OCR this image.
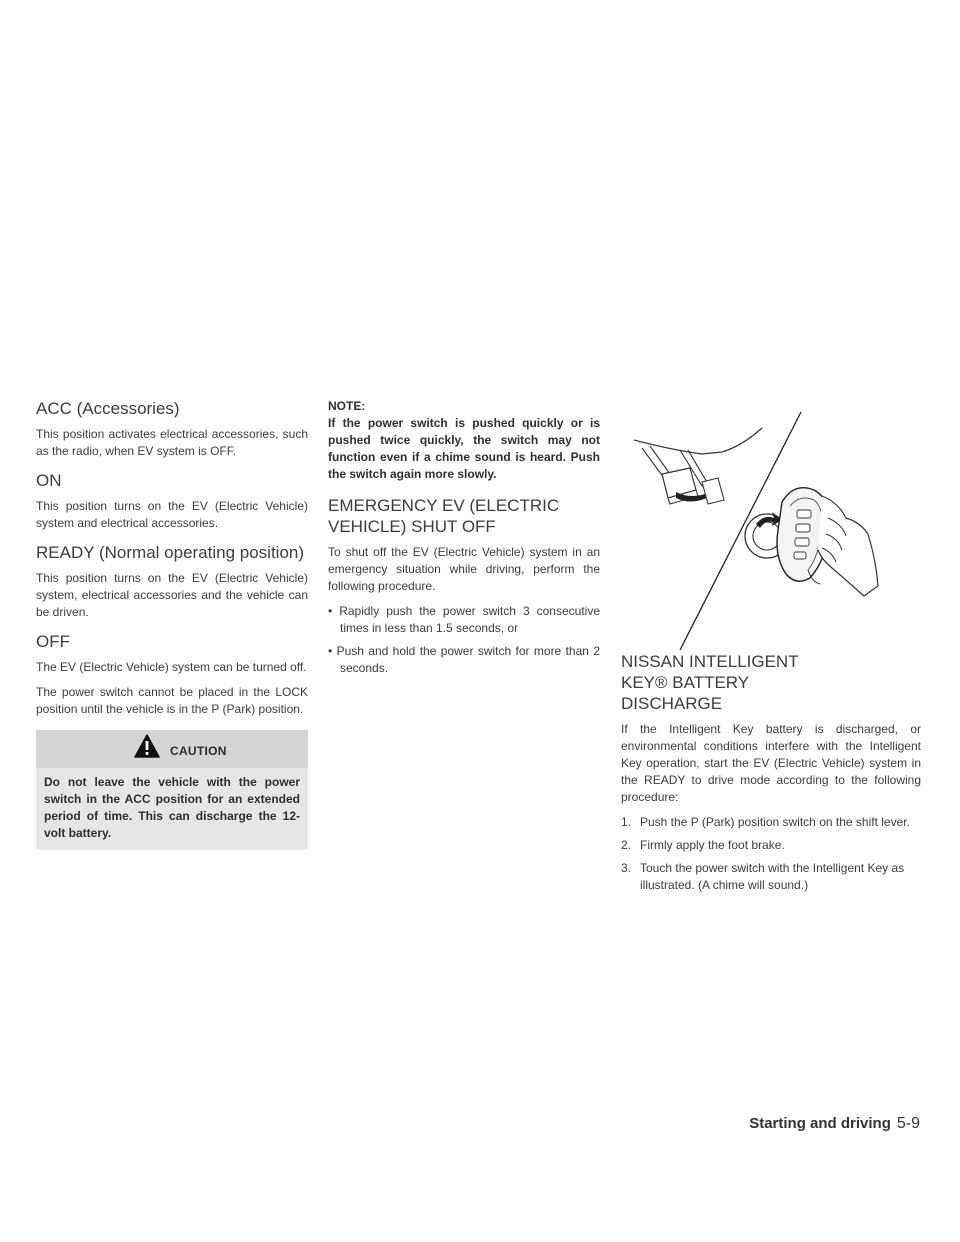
ACC (Accessories)

This position activates electrical accessories, such as the radio, when EV system is OFF.

ON

This position turns on the EV (Electric Vehicle) system and electrical accessories.

READY (Normal operating position)

This position turns on the EV (Electric Vehicle) system, electrical accessories and the vehicle can be driven.

OFF

The EV (Electric Vehicle) system can be turned off.

The power switch cannot be placed in the LOCK position until the vehicle is in the P (Park) position.

CAUTION
Do not leave the vehicle with the power switch in the ACC position for an extended period of time. This can discharge the 12-volt battery.
NOTE:
If the power switch is pushed quickly or is pushed twice quickly, the switch may not function even if a chime sound is heard. Push the switch again more slowly.
EMERGENCY EV (ELECTRIC VEHICLE) SHUT OFF

To shut off the EV (Electric Vehicle) system in an emergency situation while driving, perform the following procedure.

• Rapidly push the power switch 3 consecutive times in less than 1.5 seconds, or
• Push and hold the power switch for more than 2 seconds.	NISSAN INTELLIGENT KEY® BATTERY DISCHARGE

If the Intelligent Key battery is discharged, or environmental conditions interfere with the Intelligent Key operation, start the EV (Electric Vehicle) system in the READY to drive mode according to the following procedure:

1. Push the P (Park) position switch on the shift lever.
2. Firmly apply the foot brake.
3. Touch the power switch with the Intelligent Key as illustrated. (A chime will sound.)
Starting and driving 5-9
